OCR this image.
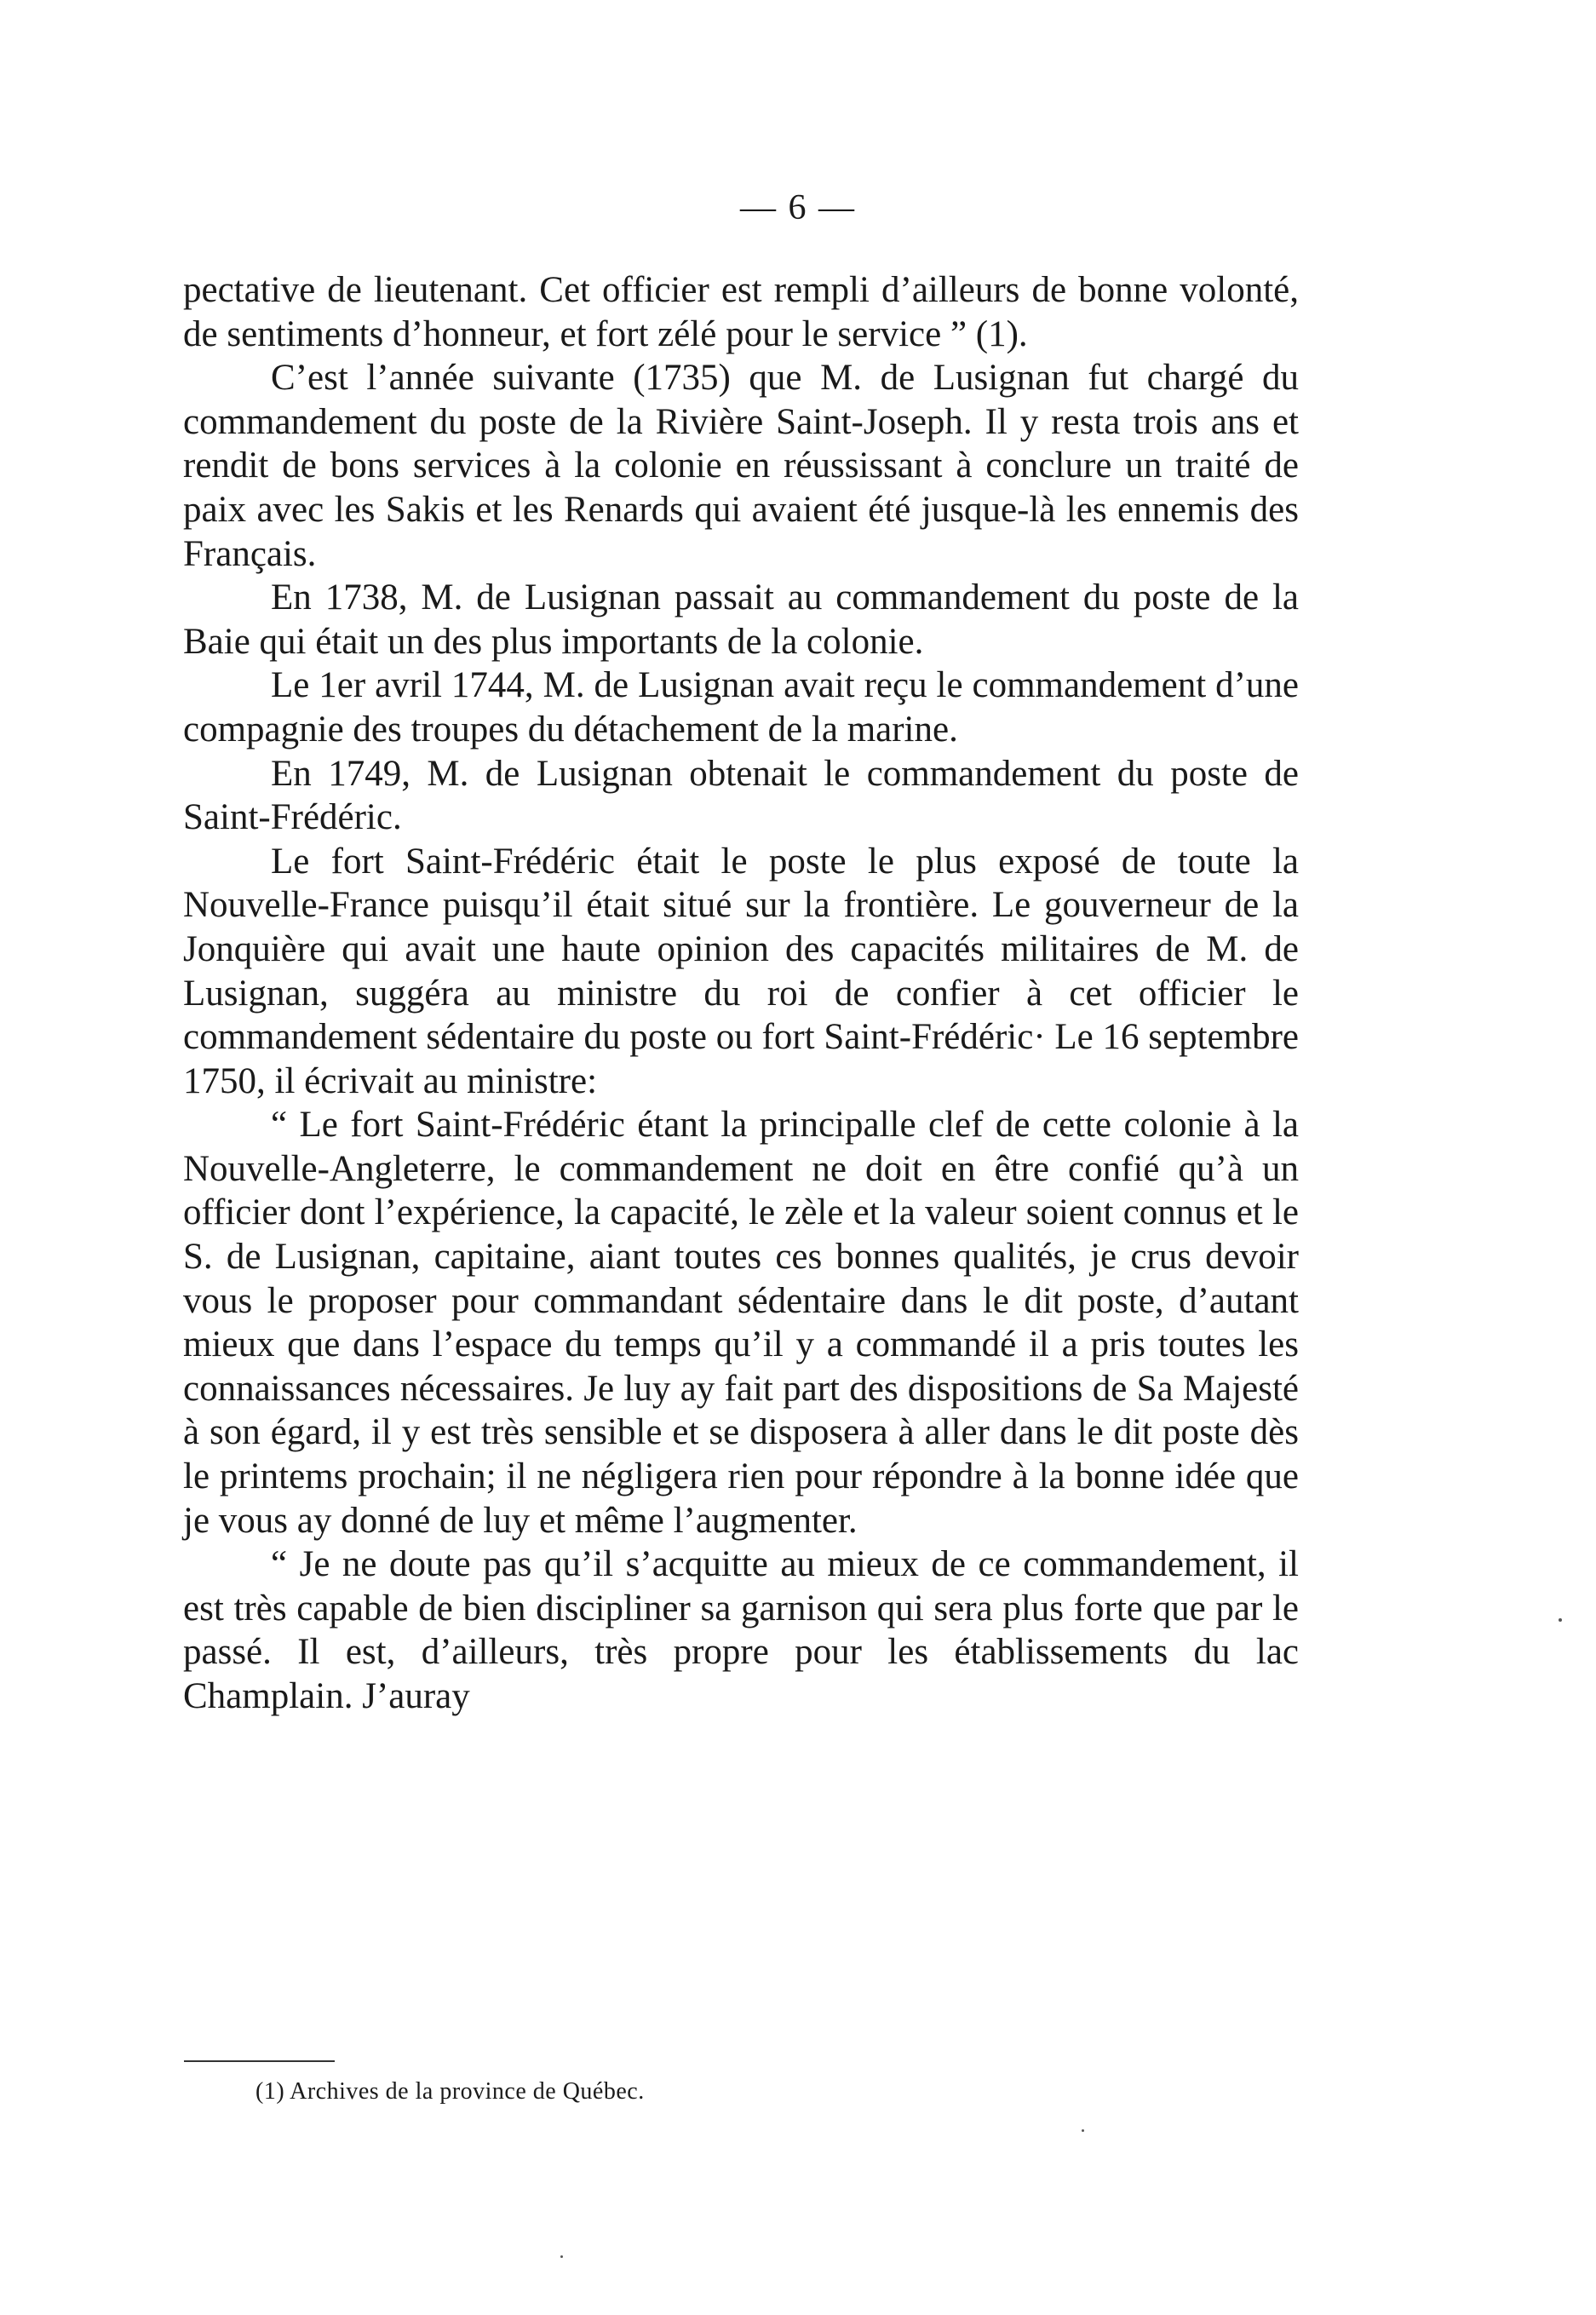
— 6 —

pectative de lieutenant. Cet officier est rempli d’ailleurs de bonne volonté, de sentiments d’honneur, et fort zélé pour le service ” (1).

C’est l’année suivante (1735) que M. de Lusignan fut chargé du commandement du poste de la Rivière Saint-Joseph. Il y resta trois ans et rendit de bons services à la colonie en réussissant à conclure un traité de paix avec les Sakis et les Renards qui avaient été jusque-là les ennemis des Français.

En 1738, M. de Lusignan passait au commandement du poste de la Baie qui était un des plus importants de la colonie.

Le 1er avril 1744, M. de Lusignan avait reçu le commandement d’une compagnie des troupes du détachement de la marine.

En 1749, M. de Lusignan obtenait le commandement du poste de Saint-Frédéric.

Le fort Saint-Frédéric était le poste le plus exposé de toute la Nouvelle-France puisqu’il était situé sur la frontière. Le gouverneur de la Jonquière qui avait une haute opinion des capacités militaires de M. de Lusignan, suggéra au ministre du roi de confier à cet officier le commandement sédentaire du poste ou fort Saint-Frédéric· Le 16 septembre 1750, il écrivait au ministre:

“ Le fort Saint-Frédéric étant la principalle clef de cette colonie à la Nouvelle-Angleterre, le commandement ne doit en être confié qu’à un officier dont l’expérience, la capacité, le zèle et la valeur soient connus et le S. de Lusignan, capitaine, aiant toutes ces bonnes qualités, je crus devoir vous le proposer pour commandant sédentaire dans le dit poste, d’autant mieux que dans l’espace du temps qu’il y a commandé il a pris toutes les connaissances nécessaires. Je luy ay fait part des dispositions de Sa Majesté à son égard, il y est très sensible et se disposera à aller dans le dit poste dès le printems prochain; il ne négligera rien pour répondre à la bonne idée que je vous ay donné de luy et même l’augmenter.

“ Je ne doute pas qu’il s’acquitte au mieux de ce commandement, il est très capable de bien discipliner sa garnison qui sera plus forte que par le passé. Il est, d’ailleurs, très propre pour les établissements du lac Champlain. J’auray

(1) Archives de la province de Québec.
